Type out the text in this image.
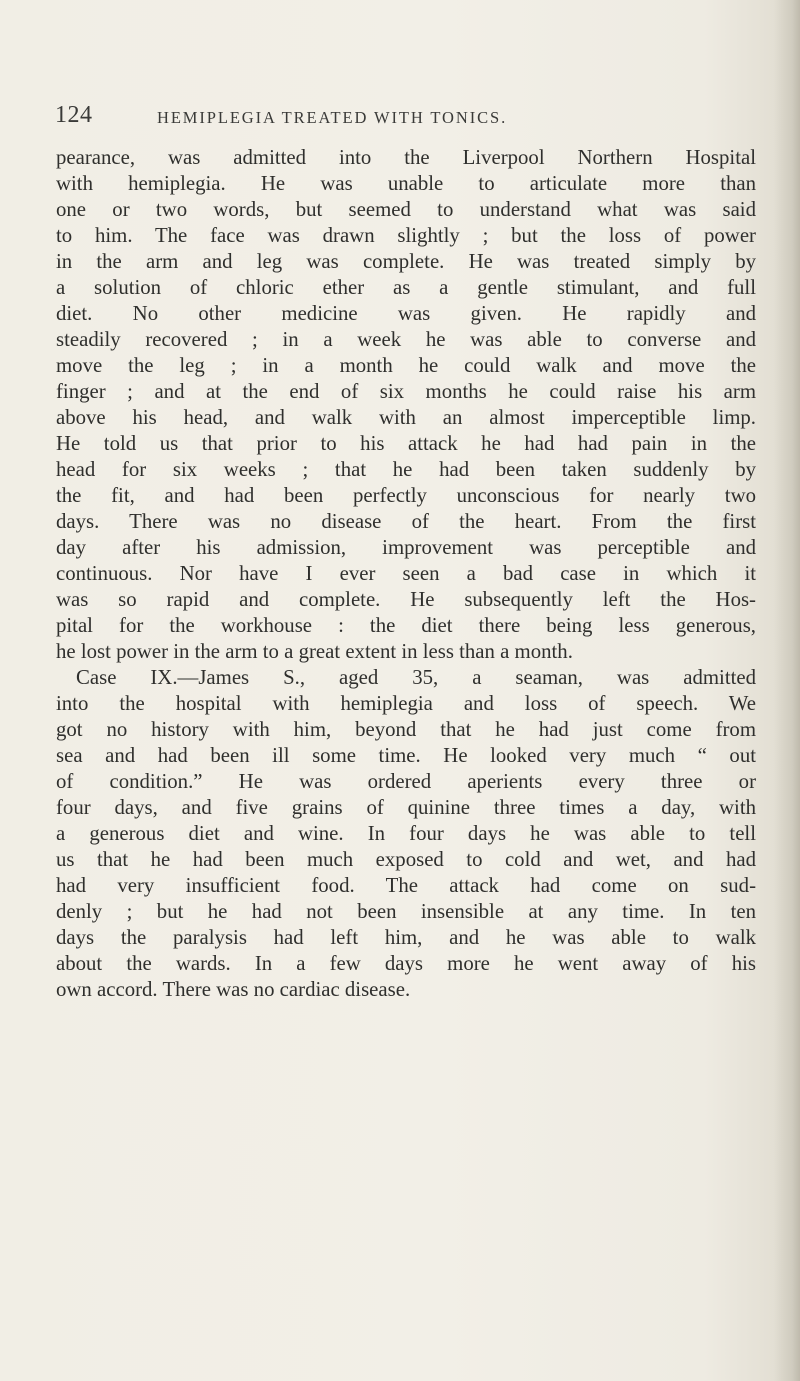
124	HEMIPLEGIA TREATED WITH TONICS.
pearance, was admitted into the Liverpool Northern Hospital
with hemiplegia. He was unable to articulate more than
one or two words, but seemed to understand what was said
to him. The face was drawn slightly ; but the loss of power
in the arm and leg was complete. He was treated simply by
a solution of chloric ether as a gentle stimulant, and full
diet. No other medicine was given. He rapidly and
steadily recovered ; in a week he was able to converse and
move the leg ; in a month he could walk and move the
finger ; and at the end of six months he could raise his arm
above his head, and walk with an almost imperceptible limp.
He told us that prior to his attack he had had pain in the
head for six weeks ; that he had been taken suddenly by
the fit, and had been perfectly unconscious for nearly two
days. There was no disease of the heart. From the first
day after his admission, improvement was perceptible and
continuous. Nor have I ever seen a bad case in which it
was so rapid and complete. He subsequently left the Hos-
pital for the workhouse : the diet there being less generous,
he lost power in the arm to a great extent in less than a month.
Case IX.—James S., aged 35, a seaman, was admitted
into the hospital with hemiplegia and loss of speech. We
got no history with him, beyond that he had just come from
sea and had been ill some time. He looked very much “ out
of condition.” He was ordered aperients every three or
four days, and five grains of quinine three times a day, with
a generous diet and wine. In four days he was able to tell
us that he had been much exposed to cold and wet, and had
had very insufficient food. The attack had come on sud-
denly ; but he had not been insensible at any time. In ten
days the paralysis had left him, and he was able to walk
about the wards. In a few days more he went away of his
own accord. There was no cardiac disease.
